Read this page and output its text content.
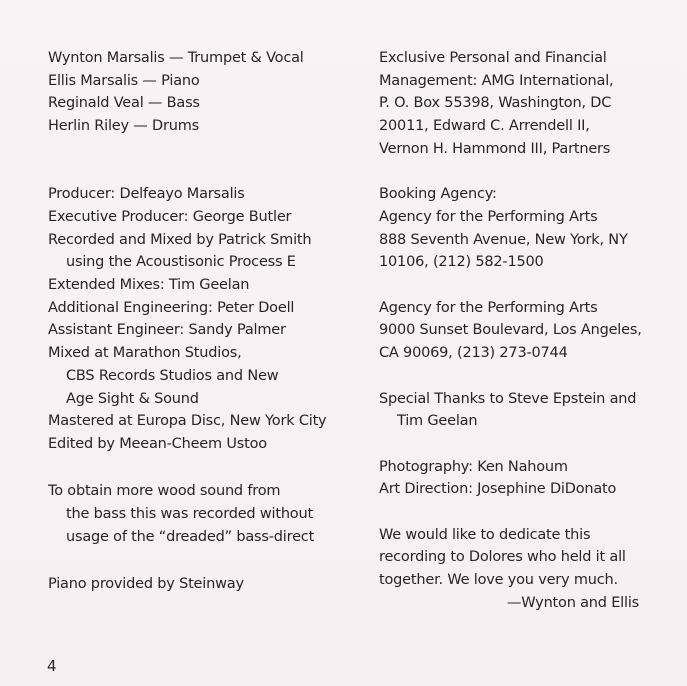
Wynton Marsalis — Trumpet & Vocal
Ellis Marsalis — Piano
Reginald Veal — Bass
Herlin Riley — Drums
Producer: Delfeayo Marsalis
Executive Producer: George Butler
Recorded and Mixed by Patrick Smith
using the Acoustisonic Process E
Extended Mixes: Tim Geelan
Additional Engineering: Peter Doell
Assistant Engineer: Sandy Palmer
Mixed at Marathon Studios,
CBS Records Studios and New
Age Sight & Sound
Mastered at Europa Disc, New York City
Edited by Meean-Cheem Ustoo
To obtain more wood sound from
the bass this was recorded without
usage of the “dreaded” bass-direct
Piano provided by Steinway
Exclusive Personal and Financial
Management: AMG International,
P. O. Box 55398, Washington, DC
20011, Edward C. Arrendell II,
Vernon H. Hammond III, Partners
Booking Agency:
Agency for the Performing Arts
888 Seventh Avenue, New York, NY
10106, (212) 582-1500
Agency for the Performing Arts
9000 Sunset Boulevard, Los Angeles,
CA 90069, (213) 273-0744
Special Thanks to Steve Epstein and
Tim Geelan
Photography: Ken Nahoum
Art Direction: Josephine DiDonato
We would like to dedicate this
recording to Dolores who held it all
together. We love you very much.
—Wynton and Ellis
4
